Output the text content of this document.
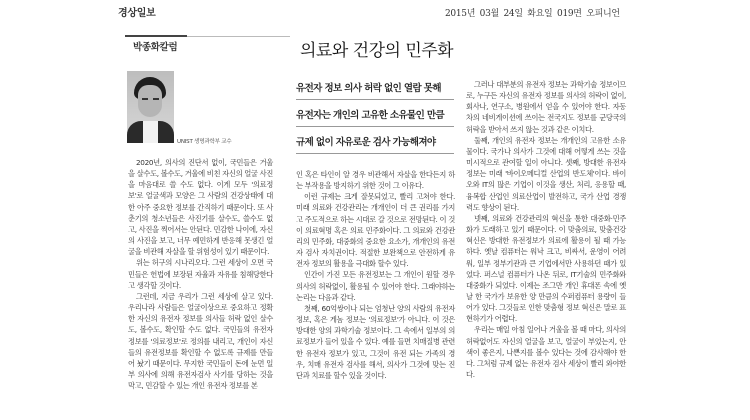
경상일보	2015년 03월 24일 화요일 019면 오피니언
박종화칼럼	의료와 건강의 민주화
UNIST 생명과학부 교수
유전자 정보 의사 허락 없인 열람 못해
유전자는 개인의 고유한 소유물인 만큼
규제 없이 자유로운 검사 가능해져야

2020년, 의사의 진단서 없이, 국민들은 거울을 살수도, 볼수도, 거울에 비친 자신의 얼굴 사진을 마음대로 쓸 수도 없다. 이게 모두 '의료정보'로 얼굴색과 모양은 그 사람의 건강상태에 대한 아주 중요한 정보를 간직하기 때문이다. 또 사춘기의 청소년들은 사진기를 살수도, 쓸수도 없고, 사진을 찍어서는 안된다. 민감한 나이에, 자신의 사진을 보고, 너무 예민하게 반응해 못생긴 얼굴을 비관해 자살을 할 위험성이 있기 때문이다.

위는 허구의 시나리오다. 그런 세상이 오면 국민들은 헌법에 보장된 자율과 자유를 침해당한다고 생각할 것이다.

그런데, 지금 우리가 그런 세상에 살고 있다. 우리나라 사람들은 얼굴이상으로 중요하고 정확한 자신의 유전자 정보를 의사들 허락 없인 살수도, 볼수도, 확인할 수도 없다. 국민들의 유전자 정보를 '의료정보'로 정의를 내리고, 개인이 자신들의 유전정보를 확인할 수 없도록 규제를 만들어 놨기 때문이다. 무지한 국민들이 돈에 눈먼 일부 의사에 의해 유전자검사 사기를 당하는 것을 막고, 민감할 수 있는 개인 유전자 정보를 본

인 혹은 타인이 알 경우 비관해서 자살을 한다든지 하는 부작용을 방지하기 위한 것이 그 이유다.

이런 규제는 크게 잘못되었고, 빨리 고쳐야 한다. 미래 의료와 건강관리는 개개인이 더 큰 권리를 가지고 주도적으로 하는 시대로 갈 것으로 전망된다. 이 것이 의료혁명 혹은 의료 민주화이다. 그 의료와 건강관리의 민주화, 대중화의 중요한 요소가, 개개인의 유전자 검사 자치권이다. 적절한 보완책으로 안전하게 유전자 정보의 활용을 극대화 할수 있다.

인간이 가진 모든 유전정보는 그 개인이 원할 경우 의사의 허락없이, 활용될 수 있어야 한다. 그래야하는 논리는 다음과 같다.

첫째, 60억쌍이나 되는 엄청난 양의 사람의 유전자 정보, 혹은 게놈 정보는 '의료정보'가 아니다. 이 것은 방대한 양의 과학기술 정보이다. 그 속에서 일부의 의료정보가 들어 있을 수 있다. 예를 들면 치매질병 관련한 유전자 정보가 있고, 그것이 유전 되는 가족의 경우, 치매 유전자 검사를 해서, 의사가 그것에 맞는 진단과 치료를 할수 있을 것이다.

그러나 대부분의 유전자 정보는 과학기술 정보이므로, 누구든 자신의 유전자 정보를 의사의 허락이 없이, 회사나, 연구소, 병원에서 얻을 수 있어야 한다. 자동차의 네비게이션에 쓰이는 전국지도 정보를 군당국의 허락을 받아서 쓰지 않는 것과 같은 이치다.

둘째, 개인의 유전자 정보는 개개인의 고유한 소유물이다. 국가나 의사가 그것에 대해 어떻게 쓰는 것을 미시적으로 관여할 일이 아니다. 셋째, 방대한 유전자 정보는 미래 '바이오메디컬 산업의 반도체'이다. 바이오와 IT의 많은 기업이 이것을 생산, 처리, 응용할 때, 융복합 산업인 의료산업이 발전하고, 국가 산업 경쟁력도 향상이 된다.

넷째, 의료와 건강관리의 혁신을 통한 대중화·민주화가 도래하고 있기 때문이다. 이 맞춤의료, 맞춤건강 혁신은 방대한 유전정보가 의료에 활용이 될 때 가능하다. 옛날 컴퓨터는 워낙 크고, 비싸서, 운영이 어려워, 일부 정부기관과 큰 기업에서만 사용하던 때가 있었다. 퍼스널 컴퓨터가 나온 뒤로, IT기술의 민주화와 대중화가 되었다. 이제는 조그만 개인 휴대폰 속에 옛날 한 국가가 보유한 양 만큼의 수퍼컴퓨터 용량이 들어가 있다. 그것들로 인한 맞춤형 정보 혁신은 말로 표현하기가 어렵다.

우리는 매일 아침 일어나 거울을 볼 때 마다, 의사의 허락없어도 자신의 얼굴을 보고, 얼굴이 부었는지, 안색이 좋은지, 나쁜지를 볼수 있다는 것에 감사해야 한다. 그처럼 규제 없는 유전자 검사 세상이 빨리 와야한다.
